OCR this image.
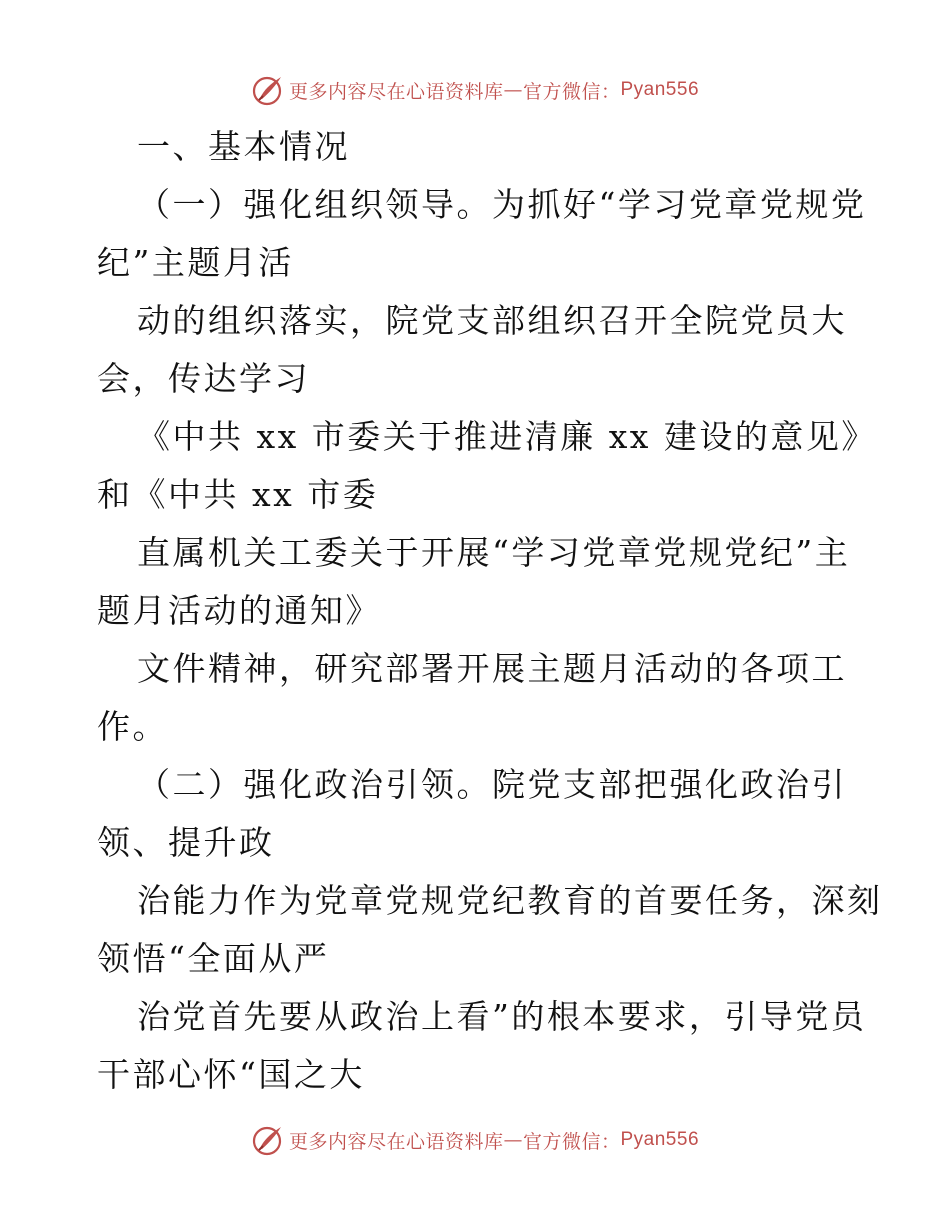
更多内容尽在心语资料库 — 官方微信： Pyan556
一、基本情况
（一）强化组织领导。为抓好“学习党章党规党
纪”主题月活
动的组织落实，院党支部组织召开全院党员大
会，传达学习
《中共 xx 市委关于推进清廉 xx 建设的意见》
和《中共 xx 市委
直属机关工委关于开展“学习党章党规党纪”主
题月活动的通知》
文件精神，研究部署开展主题月活动的各项工
作。
（二）强化政治引领。院党支部把强化政治引
领、提升政
治能力作为党章党规党纪教育的首要任务，深刻
领悟“全面从严
治党首先要从政治上看”的根本要求，引导党员
干部心怀“国之大
更多内容尽在心语资料库 — 官方微信： Pyan556
